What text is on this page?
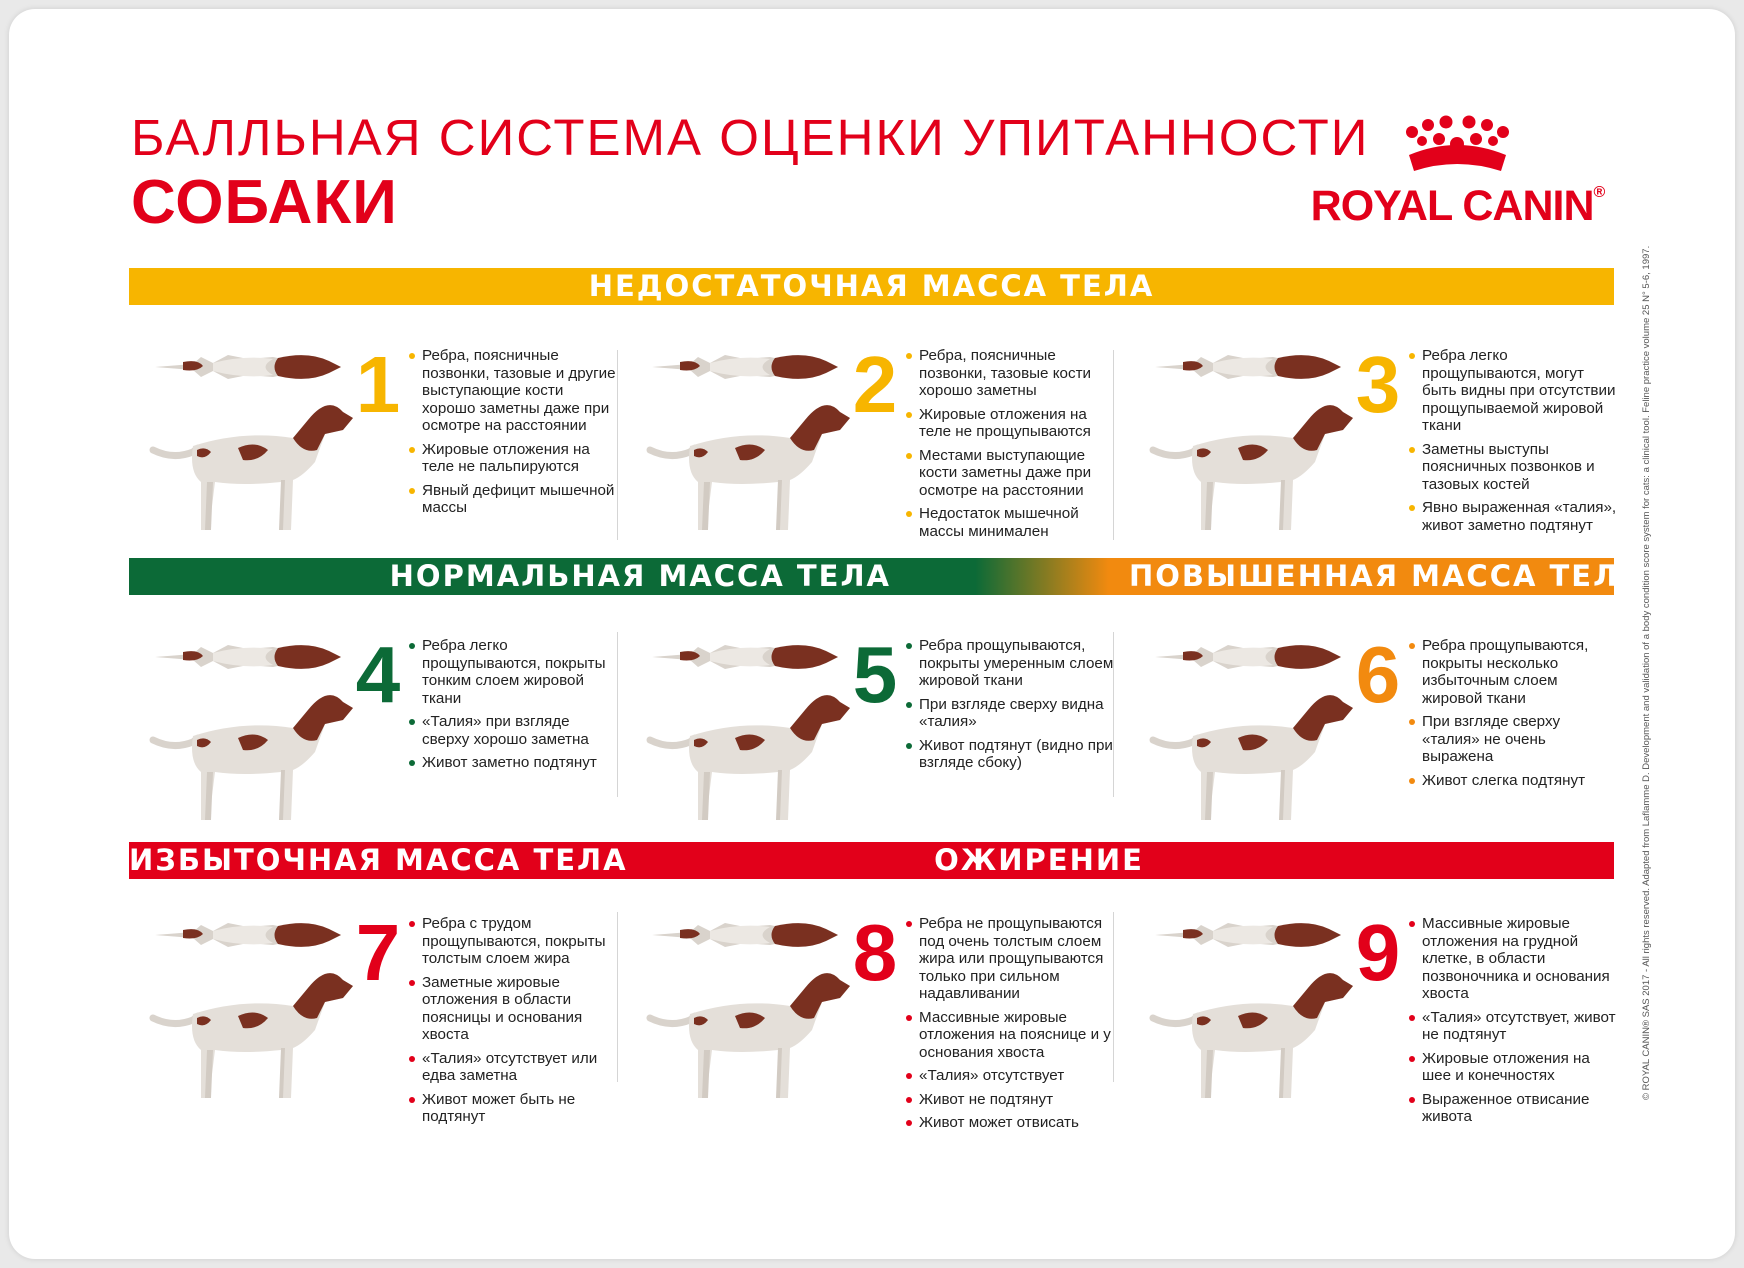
БАЛЛЬНАЯ СИСТЕМА ОЦЕНКИ УПИТАННОСТИ
СОБАКИ	ROYAL CANIN®
НЕДОСТАТОЧНАЯ МАССА ТЕЛА
НОРМАЛЬНАЯ МАССА ТЕЛА	ПОВЫШЕННАЯ МАССА ТЕЛА
ИЗБЫТОЧНАЯ МАССА ТЕЛА	ОЖИРЕНИЕ
1	Ребра, поясничные позвонки, тазовые и другие выступающие кости хорошо заметны даже при осмотре на расстоянии
Жировые отложения на теле не пальпируются
Явный дефицит мышечной массы
2	Ребра, поясничные позвонки, тазовые кости хорошо заметны
Жировые отложения на теле не прощупываются
Местами выступающие кости заметны даже при осмотре на расстоянии
Недостаток мышечной массы минимален
3	Ребра легко прощупываются, могут быть видны при отсутствии прощупываемой жировой ткани
Заметны выступы поясничных позвонков и тазовых костей
Явно выраженная «талия», живот заметно подтянут
4	Ребра легко прощупываются, покрыты тонким слоем жировой ткани
«Талия» при взгляде сверху хорошо заметна
Живот заметно подтянут
5	Ребра прощупываются, покрыты умеренным слоем жировой ткани
При взгляде сверху видна «талия»
Живот подтянут (видно при взгляде сбоку)
6	Ребра прощупываются, покрыты несколько избыточным слоем жировой ткани
При взгляде сверху «талия» не очень выражена
Живот слегка подтянут
7	Ребра с трудом прощупываются, покрыты толстым слоем жира
Заметные жировые отложения в области поясницы и основания хвоста
«Талия» отсутствует или едва заметна
Живот может быть не подтянут
8	Ребра не прощупываются под очень толстым слоем жира или прощупываются только при сильном надавливании
Массивные жировые отложения на пояснице и у основания хвоста
«Талия» отсутствует
Живот не подтянут
Живот может отвисать
9	Массивные жировые отложения на грудной клетке, в области позвоночника и основания хвоста
«Талия» отсутствует, живот не подтянут
Жировые отложения на шее и конечностях
Выраженное отвисание живота
© ROYAL CANIN® SAS 2017 - All rights reserved. Adapted from Laflamme D. Development and validation of a body condition score system for cats: a clinical tool. Feline practice volume 25 N° 5-6, 1997.
